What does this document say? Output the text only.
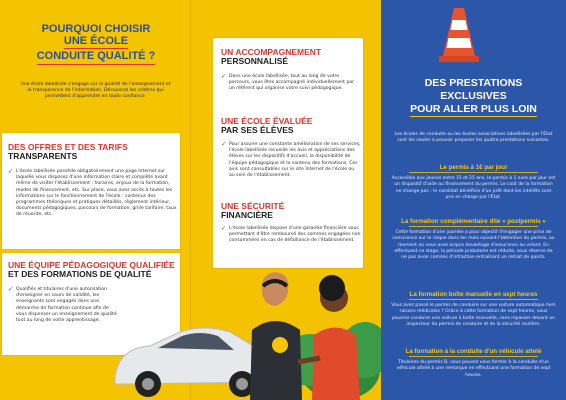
POURQUOI CHOISIR
UNE ÉCOLE
CONDUITE QUALITÉ ?
Une école labellisée s'engage sur la qualité de l'enseignement et la transparence de l'information. Découvrez les critères qui permettent d'apprendre en toute confiance.
DES OFFRES ET DES TARIFS
TRANSPARENTS
✓ L'école labellisée possède obligatoirement une page Internet sur laquelle vous disposez d'une information claire et complète avant même de visiter l'établissement : horaires, enjeux de la formation, modes de financement, etc. Sur place, vous avez accès à toutes les informations sur le fonctionnement de l'école : contenus des programmes théoriques et pratiques détaillés, règlement intérieur, documents pédagogiques, parcours de formation, grille tarifaire, taux de réussite, etc.
UNE ÉQUIPE PÉDAGOGIQUE QUALIFIÉE
ET DES FORMATIONS DE QUALITÉ
✓ Qualifiés et titulaires d'une autorisation d'enseigner en cours de validité, les enseignants sont engagés dans une démarche de formation continue afin de vous dispenser un enseignement de qualité tout au long de votre apprentissage.
UN ACCOMPAGNEMENT
PERSONNALISÉ
✓ Dans une école labellisée, tout au long de votre parcours, vous êtes accompagné individuellement par un référent qui organise votre suivi pédagogique.
UNE ÉCOLE ÉVALUÉE
PAR SES ÉLÈVES
✓ Pour assurer une constante amélioration de ses services, l'école labellisée recueille les avis et appréciations des élèves sur les dispositifs d'accueil, la disponibilité de l'équipe pédagogique et le contenu des formations. Ces avis sont consultables sur le site Internet de l'école ou au sein de l'établissement.
UNE SÉCURITÉ
FINANCIÈRE
✓ L'école labellisée dispose d'une garantie financière vous permettant d'être remboursé des sommes engagées non consommées en cas de défaillance de l'établissement.
DES PRESTATIONS
EXCLUSIVES
POUR ALLER PLUS LOIN
Les écoles de conduite ou les écoles associatives labellisées par l'État sont les seules à pouvoir proposer les quatre prestations suivantes.
Le permis à 1€ par jour
Accessible aux jeunes entre 15 et 25 ans, le permis à 1 euro par jour est un dispositif d'aide au financement du permis. Le coût de la formation ne change pas : le candidat bénéficie d'un prêt dont les intérêts sont pris en charge par l'État.
La formation complémentaire dite « postpermis »
Cette formation d'une journée a pour objectif d'engager une prise de conscience sur le risque dans les mois suivant l'obtention du permis, au moment où vous avez acquis davantage d'assurance au volant. En effectuant ce stage, la période probatoire est réduite, sous réserve de ne pas avoir commis d'infraction entraînant un retrait de points.
La formation boîte manuelle en sept heures
Vous avez passé le permis de conduire sur une voiture automatique hors raisons médicales ? Grâce à cette formation de sept heures, vous pourrez conduire une voiture à boîte manuelle, sans repasser devant un inspecteur du permis de conduire et de la sécurité routière.
La formation à la conduite d'un véhicule attelé
Titulaires du permis B, vous pouvez vous former à la conduite d'un véhicule attelé à une remorque en effectuant une formation de sept heures.
